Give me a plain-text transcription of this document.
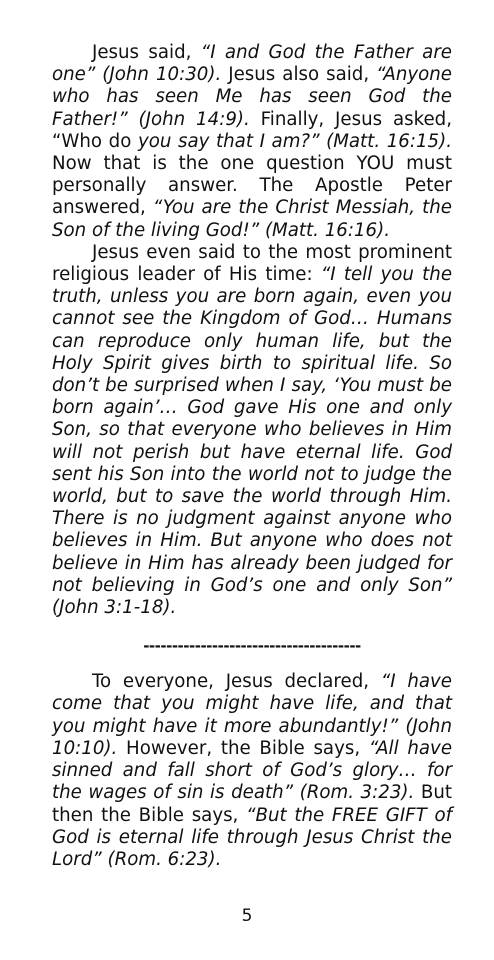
Jesus said, “I and God the Father are one” (John 10:30). Jesus also said, “Anyone who has seen Me has seen God the Father!” (John 14:9). Finally, Jesus asked, “Who do you say that I am?” (Matt. 16:15). Now that is the one question YOU must personally answer. The Apostle Peter answered, “You are the Christ Messiah, the Son of the living God!” (Matt. 16:16).

Jesus even said to the most prominent religious leader of His time: “I tell you the truth, unless you are born again, even you cannot see the Kingdom of God… Humans can reproduce only human life, but the Holy Spirit gives birth to spiritual life. So don’t be surprised when I say, ‘You must be born again’… God gave His one and only Son, so that everyone who believes in Him will not perish but have eternal life. God sent his Son into the world not to judge the world, but to save the world through Him. There is no judgment against anyone who believes in Him. But anyone who does not believe in Him has already been judged for not believing in God’s one and only Son” (John 3:1-18).

--------------------------------------

To everyone, Jesus declared, “I have come that you might have life, and that you might have it more abundantly!” (John 10:10). However, the Bible says, “All have sinned and fall short of God’s glory… for the wages of sin is death” (Rom. 3:23). But then the Bible says, “But the FREE GIFT of God is eternal life through Jesus Christ the Lord” (Rom. 6:23).

5
